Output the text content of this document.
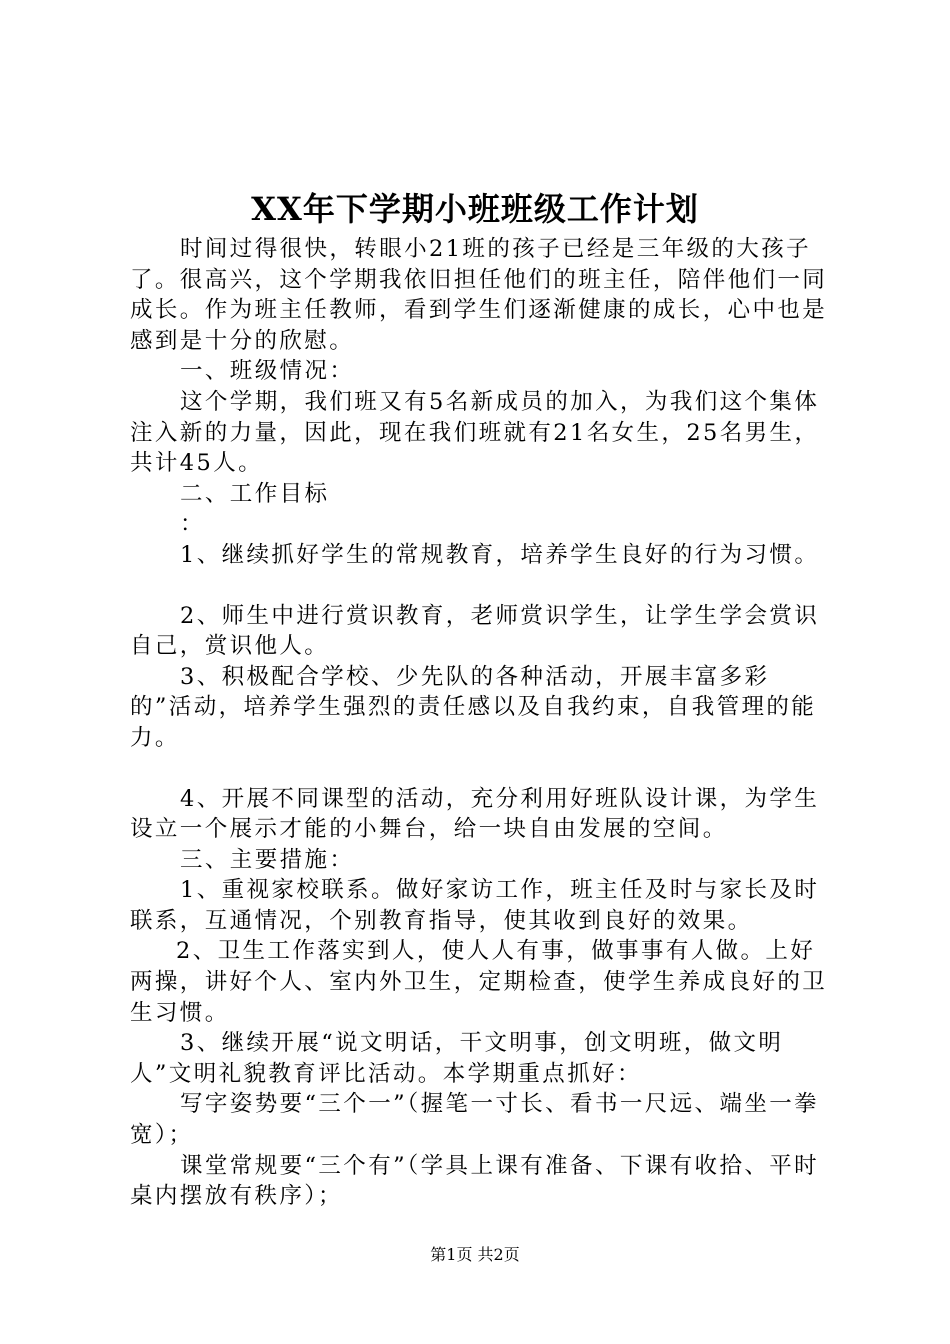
XX年下学期小班班级工作计划

时间过得很快，转眼小21班的孩子已经是三年级的大孩子了。很高兴，这个学期我依旧担任他们的班主任，陪伴他们一同成长。作为班主任教师，看到学生们逐渐健康的成长，心中也是感到是十分的欣慰。

一、班级情况：

这个学期，我们班又有5名新成员的加入，为我们这个集体注入新的力量，因此，现在我们班就有21名女生，25名男生，共计45人。

二、工作目标

：

1、继续抓好学生的常规教育，培养学生良好的行为习惯。

2、师生中进行赏识教育，老师赏识学生，让学生学会赏识自己，赏识他人。

3、积极配合学校、少先队的各种活动，开展丰富多彩的”活动，培养学生强烈的责任感以及自我约束，自我管理的能力。

4、开展不同课型的活动，充分利用好班队设计课，为学生设立一个展示才能的小舞台，给一块自由发展的空间。

三、主要措施：

1、重视家校联系。做好家访工作，班主任及时与家长及时联系，互通情况，个别教育指导，使其收到良好的效果。

2、卫生工作落实到人，使人人有事，做事事有人做。上好两操，讲好个人、室内外卫生，定期检查，使学生养成良好的卫生习惯。

3、继续开展“说文明话，干文明事，创文明班，做文明人”文明礼貌教育评比活动。本学期重点抓好：

写字姿势要“三个一”（握笔一寸长、看书一尺远、端坐一拳宽）；

课堂常规要“三个有”（学具上课有准备、下课有收拾、平时桌内摆放有秩序）；

第1页 共2页
